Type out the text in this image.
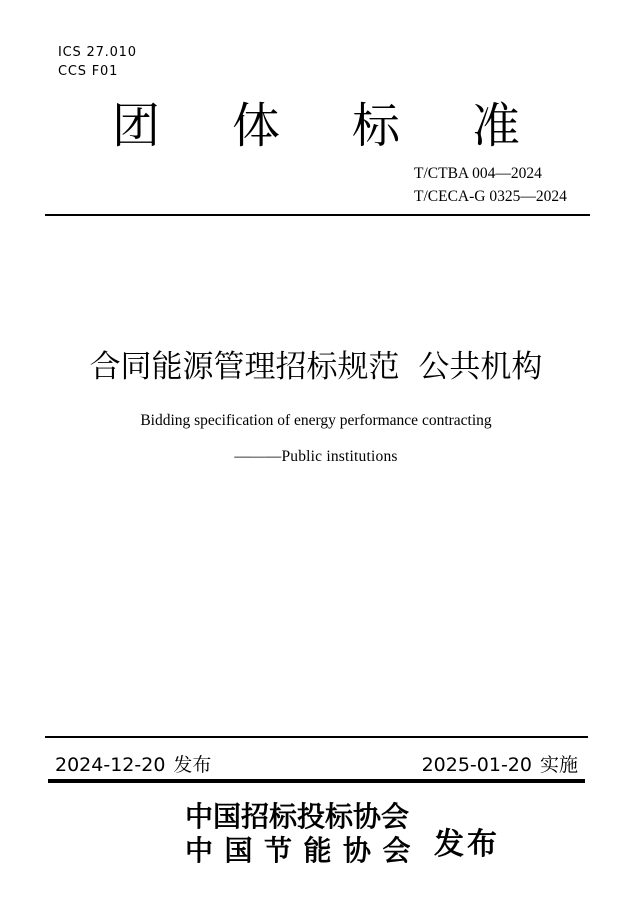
ICS 27.010
CCS F01
团体标准
T/CTBA 004—2024
T/CECA-G 0325—2024
合同能源管理招标规范 公共机构
Bidding specification of energy performance contracting
———Public institutions
2024-12-20 发布	2025-01-20 实施
中国招标投标协会
中国节能协会 发布
